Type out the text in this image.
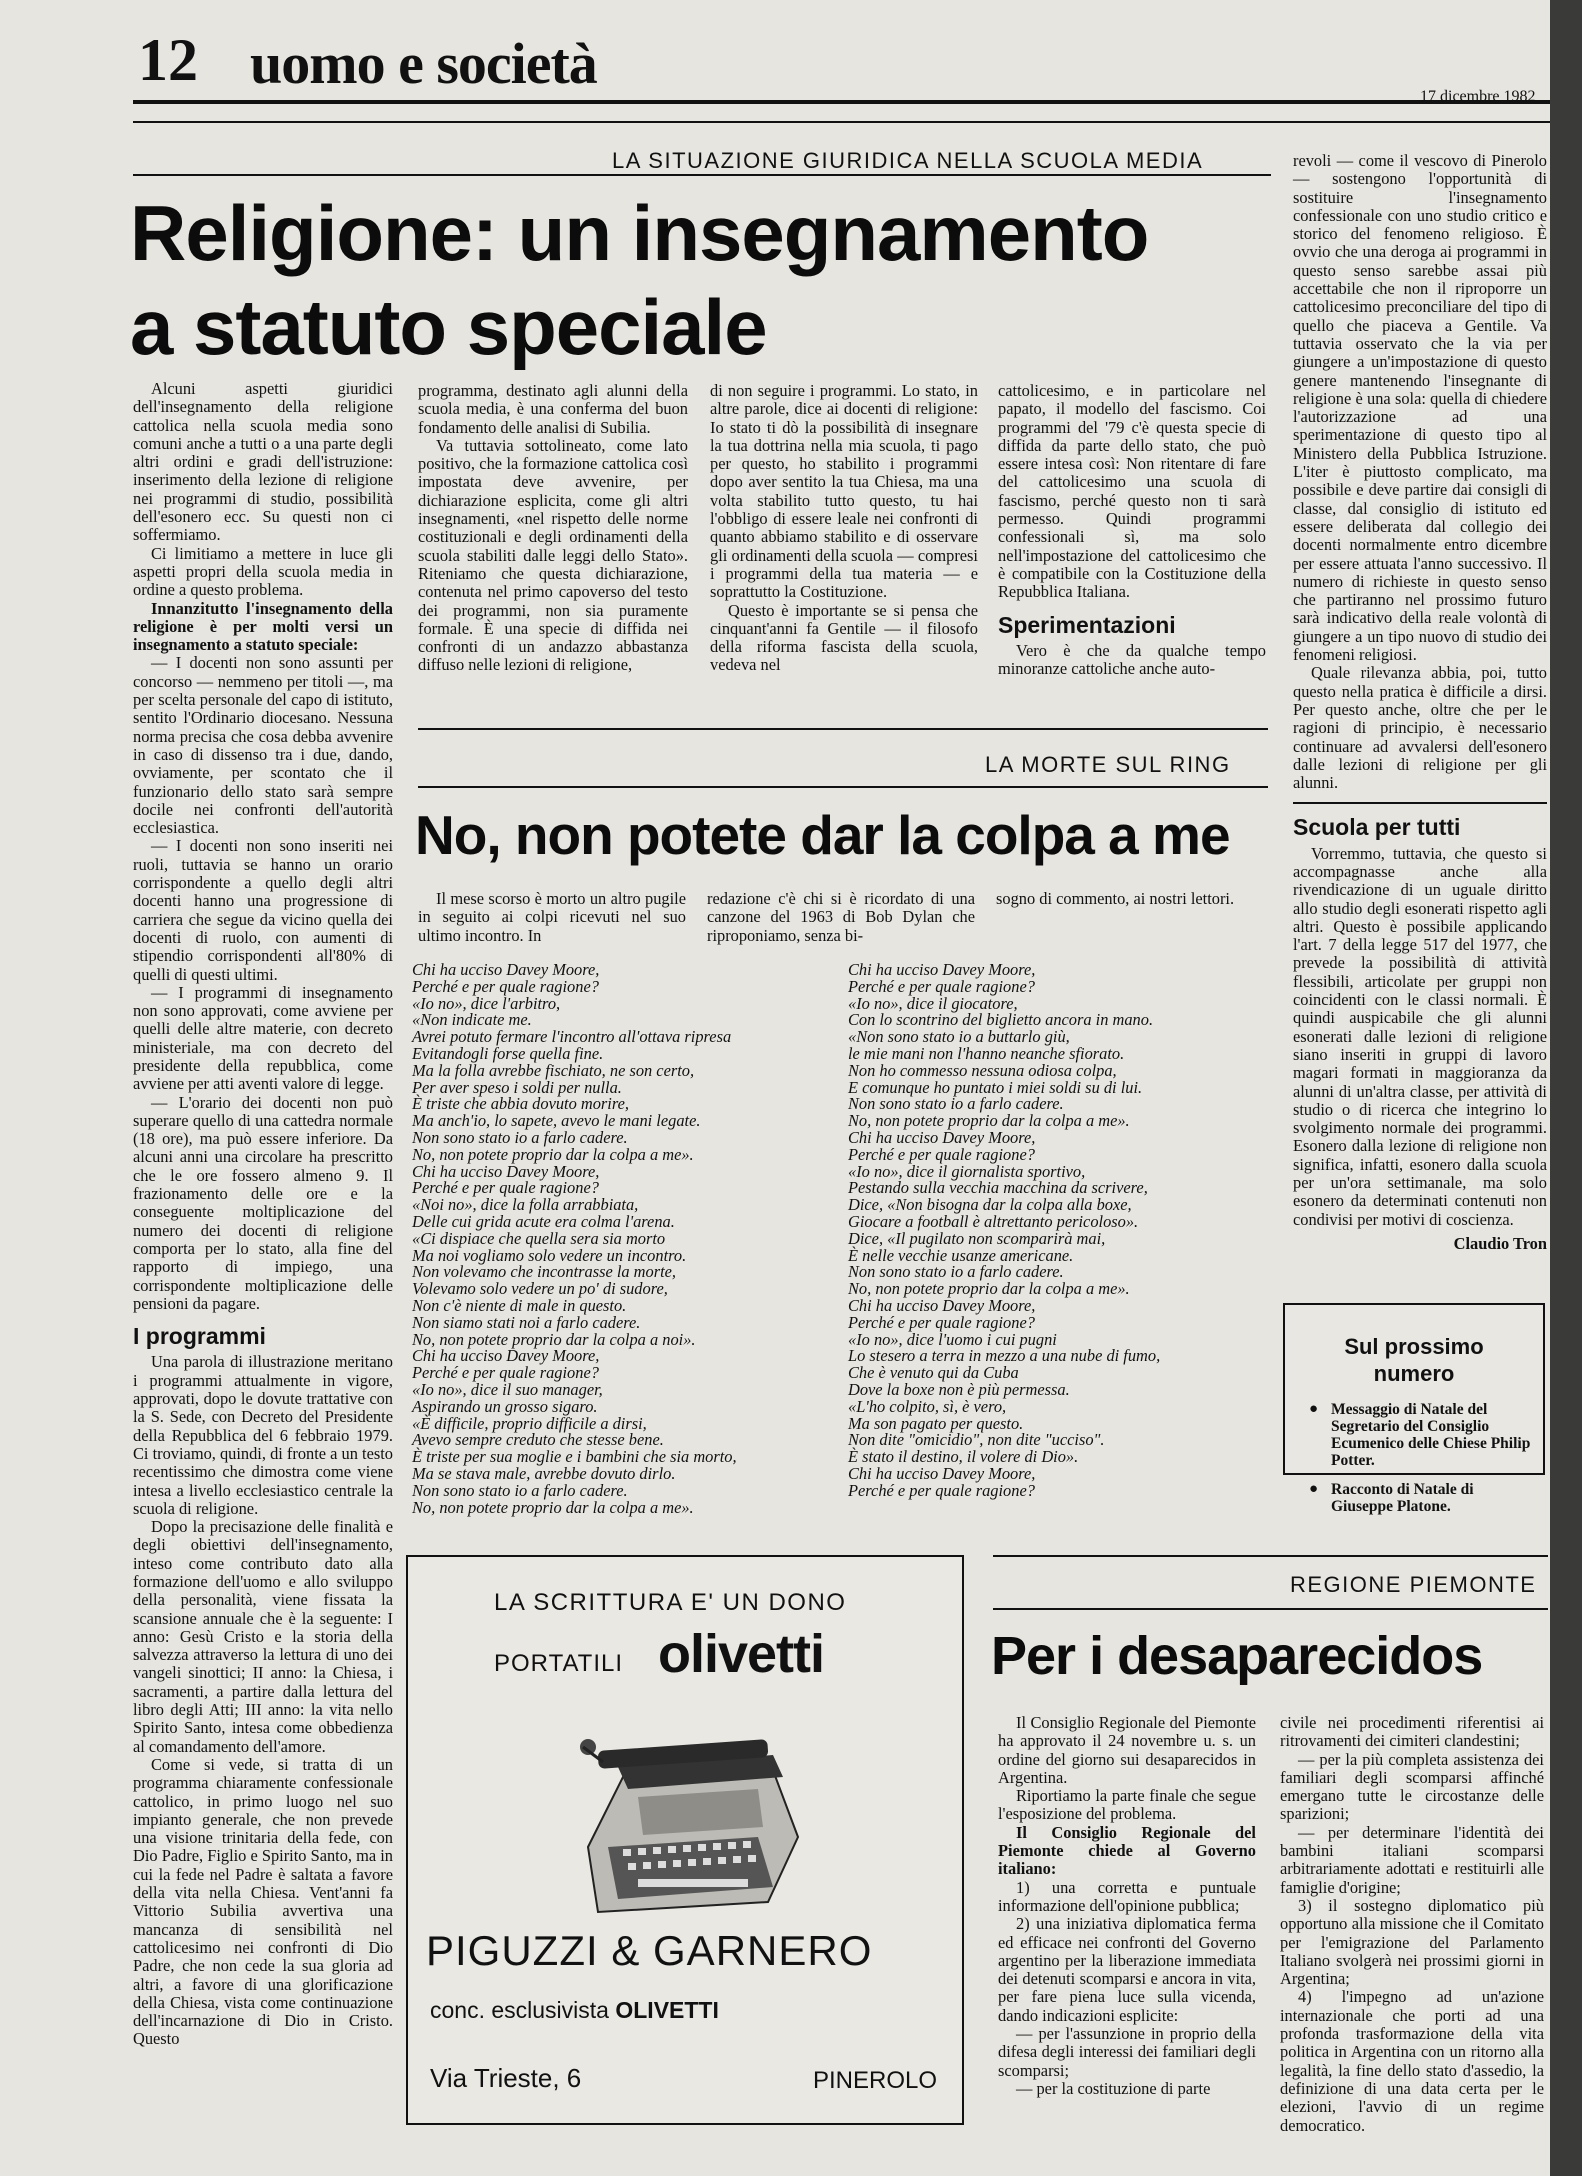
12 uomo e società
17 dicembre 1982
LA SITUAZIONE GIURIDICA NELLA SCUOLA MEDIA
Religione: un insegnamento
a statuto speciale

Alcuni aspetti giuridici dell'insegnamento della religione cattolica nella scuola media sono comuni anche a tutti o a una parte degli altri ordini e gradi dell'istruzione: inserimento della lezione di religione nei programmi di studio, possibilità dell'esonero ecc. Su questi non ci soffermiamo.

Ci limitiamo a mettere in luce gli aspetti propri della scuola media in ordine a questo problema.

Innanzitutto l'insegnamento della religione è per molti versi un insegnamento a statuto speciale:

— I docenti non sono assunti per concorso — nemmeno per titoli —, ma per scelta personale del capo di istituto, sentito l'Ordinario diocesano. Nessuna norma precisa che cosa debba avvenire in caso di dissenso tra i due, dando, ovviamente, per scontato che il funzionario dello stato sarà sempre docile nei confronti dell'autorità ecclesiastica.

— I docenti non sono inseriti nei ruoli, tuttavia se hanno un orario corrispondente a quello degli altri docenti hanno una progressione di carriera che segue da vicino quella dei docenti di ruolo, con aumenti di stipendio corrispondenti all'80% di quelli di questi ultimi.

— I programmi di insegnamento non sono approvati, come avviene per quelli delle altre materie, con decreto ministeriale, ma con decreto del presidente della repubblica, come avviene per atti aventi valore di legge.

— L'orario dei docenti non può superare quello di una cattedra normale (18 ore), ma può essere inferiore. Da alcuni anni una circolare ha prescritto che le ore fossero almeno 9. Il frazionamento delle ore e la conseguente moltiplicazione del numero dei docenti di religione comporta per lo stato, alla fine del rapporto di impiego, una corrispondente moltiplicazione delle pensioni da pagare.

I programmi

Una parola di illustrazione meritano i programmi attualmente in vigore, approvati, dopo le dovute trattative con la S. Sede, con Decreto del Presidente della Repubblica del 6 febbraio 1979. Ci troviamo, quindi, di fronte a un testo recentissimo che dimostra come viene intesa a livello ecclesiastico centrale la scuola di religione.

Dopo la precisazione delle finalità e degli obiettivi dell'insegnamento, inteso come contributo dato alla formazione dell'uomo e allo sviluppo della personalità, viene fissata la scansione annuale che è la seguente: I anno: Gesù Cristo e la storia della salvezza attraverso la lettura di uno dei vangeli sinottici; II anno: la Chiesa, i sacramenti, a partire dalla lettura del libro degli Atti; III anno: la vita nello Spirito Santo, intesa come obbedienza al comandamento dell'amore.

Come si vede, si tratta di un programma chiaramente confessionale cattolico, in primo luogo nel suo impianto generale, che non prevede una visione trinitaria della fede, con Dio Padre, Figlio e Spirito Santo, ma in cui la fede nel Padre è saltata a favore della vita nella Chiesa. Vent'anni fa Vittorio Subilia avvertiva una mancanza di sensibilità nel cattolicesimo nei confronti di Dio Padre, che non cede la sua gloria ad altri, a favore di una glorificazione della Chiesa, vista come continuazione dell'incarnazione di Dio in Cristo. Questo

programma, destinato agli alunni della scuola media, è una conferma del buon fondamento delle analisi di Subilia.

Va tuttavia sottolineato, come lato positivo, che la formazione cattolica così impostata deve avvenire, per dichiarazione esplicita, come gli altri insegnamenti, «nel rispetto delle norme costituzionali e degli ordinamenti della scuola stabiliti dalle leggi dello Stato». Riteniamo che questa dichiarazione, contenuta nel primo capoverso del testo dei programmi, non sia puramente formale. È una specie di diffida nei confronti di un andazzo abbastanza diffuso nelle lezioni di religione,

di non seguire i programmi. Lo stato, in altre parole, dice ai docenti di religione: Io stato ti dò la possibilità di insegnare la tua dottrina nella mia scuola, ti pago per questo, ho stabilito i programmi dopo aver sentito la tua Chiesa, ma una volta stabilito tutto questo, tu hai l'obbligo di essere leale nei confronti di quanto abbiamo stabilito e di osservare gli ordinamenti della scuola — compresi i programmi della tua materia — e soprattutto la Costituzione.

Questo è importante se si pensa che cinquant'anni fa Gentile — il filosofo della riforma fascista della scuola, vedeva nel

cattolicesimo, e in particolare nel papato, il modello del fascismo. Coi programmi del '79 c'è questa specie di diffida da parte dello stato, che può essere intesa così: Non ritentare di fare del cattolicesimo una scuola di fascismo, perché questo non ti sarà permesso. Quindi programmi confessionali sì, ma solo nell'impostazione del cattolicesimo che è compatibile con la Costituzione della Repubblica Italiana.

Sperimentazioni

Vero è che da qualche tempo minoranze cattoliche anche auto-

revoli — come il vescovo di Pinerolo — sostengono l'opportunità di sostituire l'insegnamento confessionale con uno studio critico e storico del fenomeno religioso. È ovvio che una deroga ai programmi in questo senso sarebbe assai più accettabile che non il riproporre un cattolicesimo preconciliare del tipo di quello che piaceva a Gentile. Va tuttavia osservato che la via per giungere a un'impostazione di questo genere mantenendo l'insegnante di religione è una sola: quella di chiedere l'autorizzazione ad una sperimentazione di questo tipo al Ministero della Pubblica Istruzione. L'iter è piuttosto complicato, ma possibile e deve partire dai consigli di classe, dal consiglio di istituto ed essere deliberata dal collegio dei docenti normalmente entro dicembre per essere attuata l'anno successivo. Il numero di richieste in questo senso che partiranno nel prossimo futuro sarà indicativo della reale volontà di giungere a un tipo nuovo di studio dei fenomeni religiosi.

Quale rilevanza abbia, poi, tutto questo nella pratica è difficile a dirsi. Per questo anche, oltre che per le ragioni di principio, è necessario continuare ad avvalersi dell'esonero dalle lezioni di religione per gli alunni.

Scuola per tutti

Vorremmo, tuttavia, che questo si accompagnasse anche alla rivendicazione di un uguale diritto allo studio degli esonerati rispetto agli altri. Questo è possibile applicando l'art. 7 della legge 517 del 1977, che prevede la possibilità di attività flessibili, articolate per gruppi non coincidenti con le classi normali. È quindi auspicabile che gli alunni esonerati dalle lezioni di religione siano inseriti in gruppi di lavoro magari formati in maggioranza da alunni di un'altra classe, per attività di studio o di ricerca che integrino lo svolgimento normale dei programmi. Esonero dalla lezione di religione non significa, infatti, esonero dalla scuola per un'ora settimanale, ma solo esonero da determinati contenuti non condivisi per motivi di coscienza.

Claudio Tron
LA MORTE SUL RING
No, non potete dar la colpa a me

Il mese scorso è morto un altro pugile in seguito ai colpi ricevuti nel suo ultimo incontro. In

redazione c'è chi si è ricordato di una canzone del 1963 di Bob Dylan che riproponiamo, senza bi-

sogno di commento, ai nostri lettori.

Chi ha ucciso Davey Moore,
Perché e per quale ragione?
«Io no», dice l'arbitro,
«Non indicate me.
Avrei potuto fermare l'incontro all'ottava ripresa
Evitandogli forse quella fine.
Ma la folla avrebbe fischiato, ne son certo,
Per aver speso i soldi per nulla.
È triste che abbia dovuto morire,
Ma anch'io, lo sapete, avevo le mani legate.
Non sono stato io a farlo cadere.
No, non potete proprio dar la colpa a me».
Chi ha ucciso Davey Moore,
Perché e per quale ragione?
«Noi no», dice la folla arrabbiata,
Delle cui grida acute era colma l'arena.
«Ci dispiace che quella sera sia morto
Ma noi vogliamo solo vedere un incontro.
Non volevamo che incontrasse la morte,
Volevamo solo vedere un po' di sudore,
Non c'è niente di male in questo.
Non siamo stati noi a farlo cadere.
No, non potete proprio dar la colpa a noi».
Chi ha ucciso Davey Moore,
Perché e per quale ragione?
«Io no», dice il suo manager,
Aspirando un grosso sigaro.
«È difficile, proprio difficile a dirsi,
Avevo sempre creduto che stesse bene.
È triste per sua moglie e i bambini che sia morto,
Ma se stava male, avrebbe dovuto dirlo.
Non sono stato io a farlo cadere.
No, non potete proprio dar la colpa a me».
Chi ha ucciso Davey Moore,
Perché e per quale ragione?
«Io no», dice il giocatore,
Con lo scontrino del biglietto ancora in mano.
«Non sono stato io a buttarlo giù,
le mie mani non l'hanno neanche sfiorato.
Non ho commesso nessuna odiosa colpa,
E comunque ho puntato i miei soldi su di lui.
Non sono stato io a farlo cadere.
No, non potete proprio dar la colpa a me».
Chi ha ucciso Davey Moore,
Perché e per quale ragione?
«Io no», dice il giornalista sportivo,
Pestando sulla vecchia macchina da scrivere,
Dice, «Non bisogna dar la colpa alla boxe,
Giocare a football è altrettanto pericoloso».
Dice, «Il pugilato non scomparirà mai,
È nelle vecchie usanze americane.
Non sono stato io a farlo cadere.
No, non potete proprio dar la colpa a me».
Chi ha ucciso Davey Moore,
Perché e per quale ragione?
«Io no», dice l'uomo i cui pugni
Lo stesero a terra in mezzo a una nube di fumo,
Che è venuto qui da Cuba
Dove la boxe non è più permessa.
«L'ho colpito, sì, è vero,
Ma son pagato per questo.
Non dite "omicidio", non dite "ucciso".
È stato il destino, il volere di Dio».
Chi ha ucciso Davey Moore,
Perché e per quale ragione?
Sul prossimo numero
● Messaggio di Natale del Segretario del Consiglio Ecumenico delle Chiese Philip Potter.
● Racconto di Natale di Giuseppe Platone.
LA SCRITTURA E' UN DONO
PORTATILI olivetti
PIGUZZI & GARNERO
conc. esclusivista OLIVETTI
Via Trieste, 6	PINEROLO
REGIONE PIEMONTE
Per i desaparecidos

Il Consiglio Regionale del Piemonte ha approvato il 24 novembre u. s. un ordine del giorno sui desaparecidos in Argentina.

Riportiamo la parte finale che segue l'esposizione del problema.

Il Consiglio Regionale del Piemonte chiede al Governo italiano:

1) una corretta e puntuale informazione dell'opinione pubblica;

2) una iniziativa diplomatica ferma ed efficace nei confronti del Governo argentino per la liberazione immediata dei detenuti scomparsi e ancora in vita, per fare piena luce sulla vicenda, dando indicazioni esplicite:

— per l'assunzione in proprio della difesa degli interessi dei familiari degli scomparsi;

— per la costituzione di parte

civile nei procedimenti riferentisi ai ritrovamenti dei cimiteri clandestini;

— per la più completa assistenza dei familiari degli scomparsi affinché emergano tutte le circostanze delle sparizioni;

— per determinare l'identità dei bambini italiani scomparsi arbitrariamente adottati e restituirli alle famiglie d'origine;

3) il sostegno diplomatico più opportuno alla missione che il Comitato per l'emigrazione del Parlamento Italiano svolgerà nei prossimi giorni in Argentina;

4) l'impegno ad un'azione internazionale che porti ad una profonda trasformazione della vita politica in Argentina con un ritorno alla legalità, la fine dello stato d'assedio, la definizione di una data certa per le elezioni, l'avvio di un regime democratico.
